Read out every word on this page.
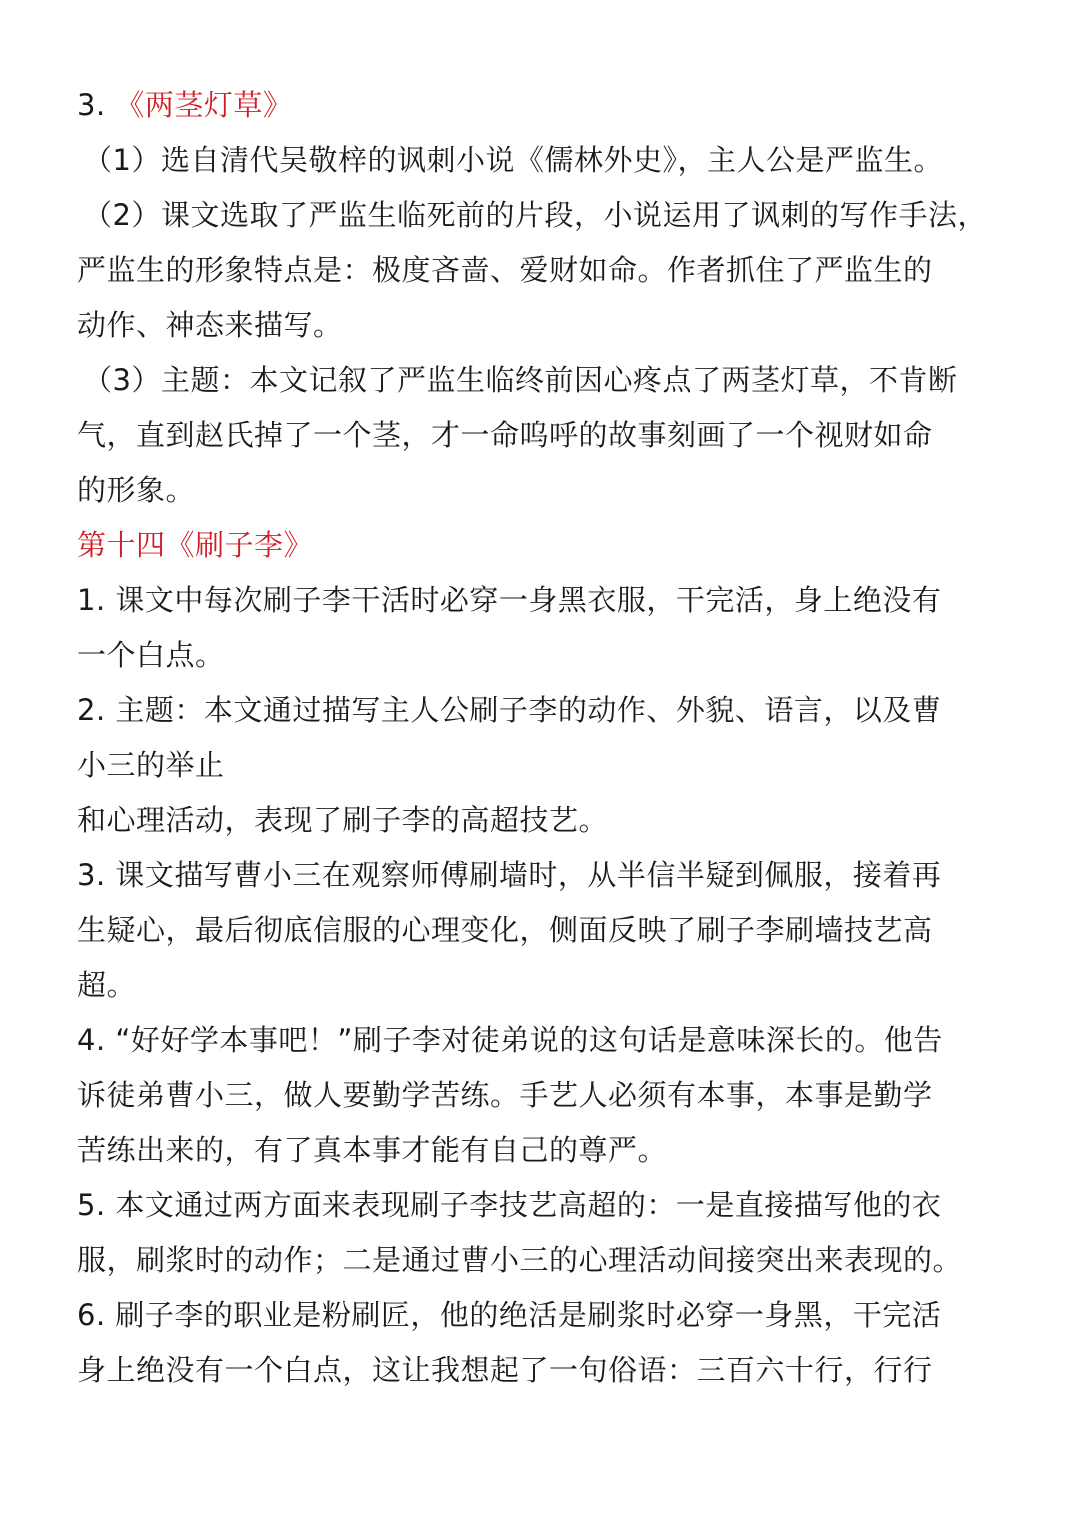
3. 《两茎灯草》
（1）选自清代吴敬梓的讽刺小说《儒林外史》，主人公是严监生。
（2）课文选取了严监生临死前的片段，小说运用了讽刺的写作手法，
严监生的形象特点是：极度吝啬、爱财如命。作者抓住了严监生的
动作、神态来描写。
（3）主题：本文记叙了严监生临终前因心疼点了两茎灯草，不肯断
气，直到赵氏掉了一个茎，才一命呜呼的故事刻画了一个视财如命
的形象。
第十四《刷子李》
1. 课文中每次刷子李干活时必穿一身黑衣服，干完活，身上绝没有
一个白点。
2. 主题：本文通过描写主人公刷子李的动作、外貌、语言，以及曹
小三的举止
和心理活动，表现了刷子李的高超技艺。
3. 课文描写曹小三在观察师傅刷墙时，从半信半疑到佩服，接着再
生疑心，最后彻底信服的心理变化，侧面反映了刷子李刷墙技艺高
超。
4. “好好学本事吧！”刷子李对徒弟说的这句话是意味深长的。他告
诉徒弟曹小三，做人要勤学苦练。手艺人必须有本事，本事是勤学
苦练出来的，有了真本事才能有自己的尊严。
5. 本文通过两方面来表现刷子李技艺高超的：一是直接描写他的衣
服，刷浆时的动作；二是通过曹小三的心理活动间接突出来表现的。
6. 刷子李的职业是粉刷匠，他的绝活是刷浆时必穿一身黑，干完活
身上绝没有一个白点，这让我想起了一句俗语：三百六十行，行行
